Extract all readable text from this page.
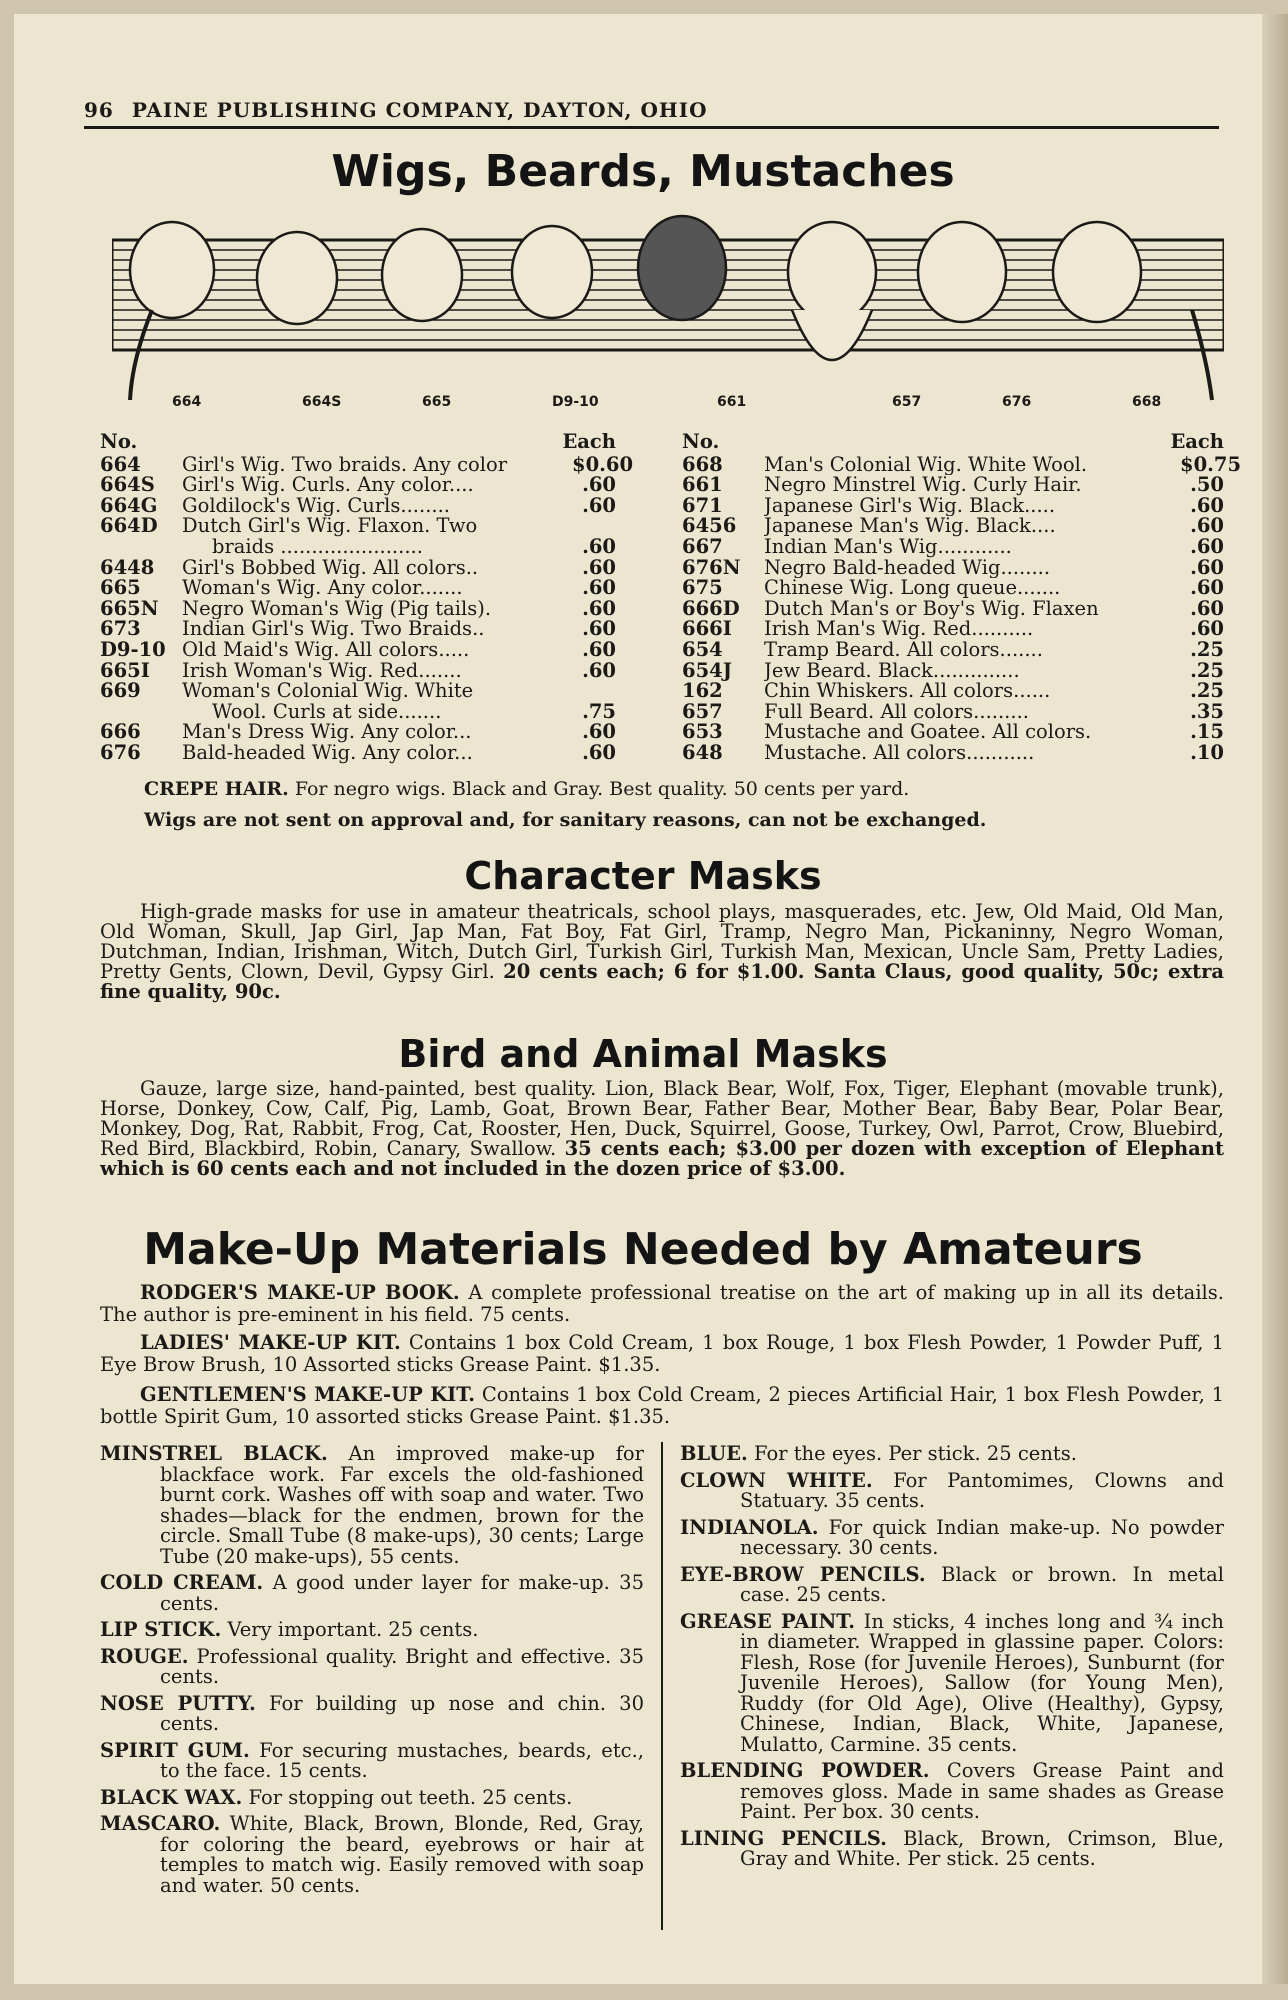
96 PAINE PUBLISHING COMPANY, DAYTON, OHIO
Wigs, Beards, Mustaches
664	664S	665	D9-10	661	657	676	668
No.	Each
664	Girl's Wig. Two braids. Any color	$0.60
664S	Girl's Wig. Curls. Any color....	.60
664G	Goldilock's Wig. Curls........	.60
664D	Dutch Girl's Wig. Flaxon. Two
braids .......................	.60
6448	Girl's Bobbed Wig. All colors..	.60
665	Woman's Wig. Any color.......	.60
665N	Negro Woman's Wig (Pig tails).	.60
673	Indian Girl's Wig. Two Braids..	.60
D9-10 Old Maid's Wig. All colors.....	.60
665I	Irish Woman's Wig. Red.......	.60
669	Woman's Colonial Wig. White
Wool. Curls at side.......	.75
666	Man's Dress Wig. Any color...	.60
676	Bald-headed Wig. Any color...	.60
No.	Each
668	Man's Colonial Wig. White Wool.	$0.75
661	Negro Minstrel Wig. Curly Hair.	.50
671	Japanese Girl's Wig. Black.....	.60
6456	Japanese Man's Wig. Black....	.60
667	Indian Man's Wig............	.60
676N	Negro Bald-headed Wig........	.60
675	Chinese Wig. Long queue.......	.60
666D	Dutch Man's or Boy's Wig. Flaxen	.60
666I	Irish Man's Wig. Red..........	.60
654	Tramp Beard. All colors.......	.25
654J	Jew Beard. Black..............	.25
162	Chin Whiskers. All colors......	.25
657	Full Beard. All colors.........	.35
653	Mustache and Goatee. All colors.	.15
648	Mustache. All colors...........	.10
CREPE HAIR. For negro wigs. Black and Gray. Best quality. 50 cents per yard.
Wigs are not sent on approval and, for sanitary reasons, can not be exchanged.
Character Masks
High-grade masks for use in amateur theatricals, school plays, masquerades, etc. Jew, Old Maid, Old Man, Old Woman, Skull, Jap Girl, Jap Man, Fat Boy, Fat Girl, Tramp, Negro Man, Pickaninny, Negro Woman, Dutchman, Indian, Irishman, Witch, Dutch Girl, Turkish Girl, Turkish Man, Mexican, Uncle Sam, Pretty Ladies, Pretty Gents, Clown, Devil, Gypsy Girl. 20 cents each; 6 for $1.00. Santa Claus, good quality, 50c; extra fine quality, 90c.
Bird and Animal Masks
Gauze, large size, hand-painted, best quality. Lion, Black Bear, Wolf, Fox, Tiger, Elephant (movable trunk), Horse, Donkey, Cow, Calf, Pig, Lamb, Goat, Brown Bear, Father Bear, Mother Bear, Baby Bear, Polar Bear, Monkey, Dog, Rat, Rabbit, Frog, Cat, Rooster, Hen, Duck, Squirrel, Goose, Turkey, Owl, Parrot, Crow, Bluebird, Red Bird, Blackbird, Robin, Canary, Swallow. 35 cents each; $3.00 per dozen with exception of Elephant which is 60 cents each and not included in the dozen price of $3.00.
Make-Up Materials Needed by Amateurs
RODGER'S MAKE-UP BOOK. A complete professional treatise on the art of making up in all its details. The author is pre-eminent in his field. 75 cents.
LADIES' MAKE-UP KIT. Contains 1 box Cold Cream, 1 box Rouge, 1 box Flesh Powder, 1 Powder Puff, 1 Eye Brow Brush, 10 Assorted sticks Grease Paint. $1.35.
GENTLEMEN'S MAKE-UP KIT. Contains 1 box Cold Cream, 2 pieces Artificial Hair, 1 box Flesh Powder, 1 bottle Spirit Gum, 10 assorted sticks Grease Paint. $1.35.
MINSTREL BLACK. An improved make-up for blackface work. Far excels the old-fashioned burnt cork. Washes off with soap and water. Two shades—black for the endmen, brown for the circle. Small Tube (8 make-ups), 30 cents; Large Tube (20 make-ups), 55 cents.
COLD CREAM. A good under layer for make-up. 35 cents.
LIP STICK. Very important. 25 cents.
ROUGE. Professional quality. Bright and effective. 35 cents.
NOSE PUTTY. For building up nose and chin. 30 cents.
SPIRIT GUM. For securing mustaches, beards, etc., to the face. 15 cents.
BLACK WAX. For stopping out teeth. 25 cents.
MASCARO. White, Black, Brown, Blonde, Red, Gray, for coloring the beard, eyebrows or hair at temples to match wig. Easily removed with soap and water. 50 cents.
BLUE. For the eyes. Per stick. 25 cents.
CLOWN WHITE. For Pantomimes, Clowns and Statuary. 35 cents.
INDIANOLA. For quick Indian make-up. No powder necessary. 30 cents.
EYE-BROW PENCILS. Black or brown. In metal case. 25 cents.
GREASE PAINT. In sticks, 4 inches long and ¾ inch in diameter. Wrapped in glassine paper. Colors: Flesh, Rose (for Juvenile Heroes), Sunburnt (for Juvenile Heroes), Sallow (for Young Men), Ruddy (for Old Age), Olive (Healthy), Gypsy, Chinese, Indian, Black, White, Japanese, Mulatto, Carmine. 35 cents.
BLENDING POWDER. Covers Grease Paint and removes gloss. Made in same shades as Grease Paint. Per box. 30 cents.
LINING PENCILS. Black, Brown, Crimson, Blue, Gray and White. Per stick. 25 cents.
